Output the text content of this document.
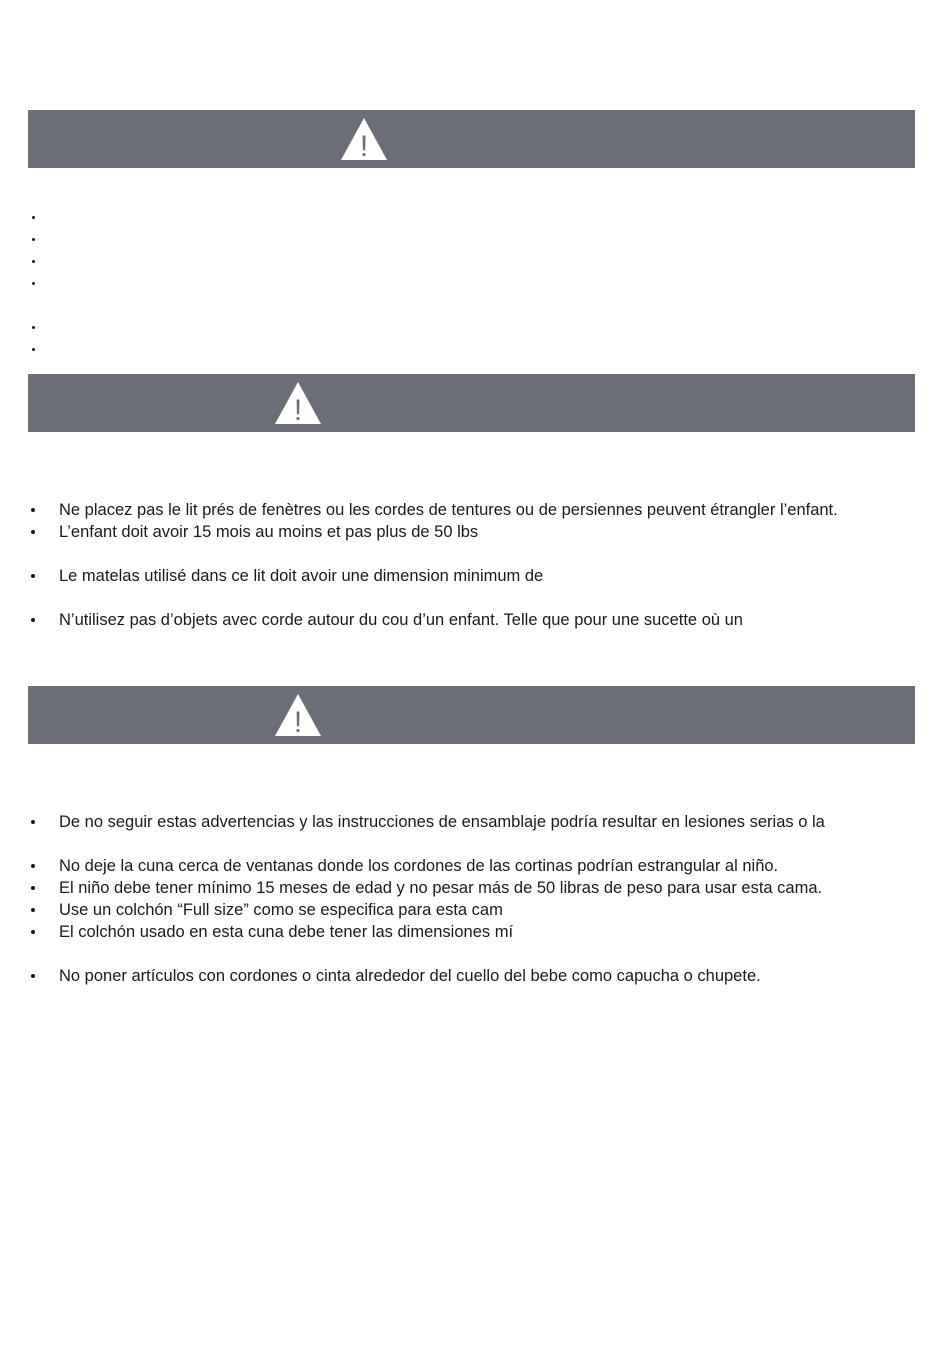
!
!
Ne placez pas le lit prés de fenètres ou les cordes de tentures ou de persiennes peuvent étrangler l’enfant.
L’enfant doit avoir 15 mois au moins et pas plus de 50 lbs
Le matelas utilisé dans ce lit doit avoir une dimension minimum de
N’utilisez pas d’objets avec corde autour du cou d’un enfant. Telle que pour une sucette où un
!
De no seguir estas advertencias y las instrucciones de ensamblaje podría resultar en lesiones serias o la
No deje la cuna cerca de ventanas donde los cordones de las cortinas podrían estrangular al niño.
El niño debe tener mínimo 15 meses de edad y no pesar más de 50 libras de peso para usar esta cama.
Use un colchón “Full size” como se especifica para esta cam
El colchón usado en esta cuna debe tener las dimensiones mí
No poner artículos con cordones o cinta alrededor del cuello del bebe como capucha o chupete.
